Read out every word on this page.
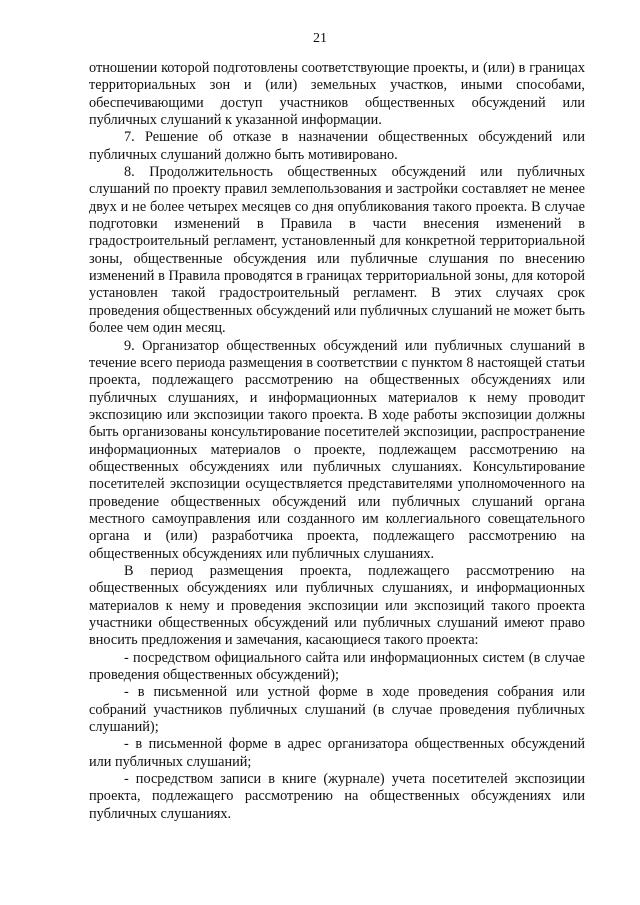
21

отношении которой подготовлены соответствующие проекты, и (или) в границах территориальных зон и (или) земельных участков, иными способами, обеспечивающими доступ участников общественных обсуждений или публичных слушаний к указанной информации.

7. Решение об отказе в назначении общественных обсуждений или публичных слушаний должно быть мотивировано.

8. Продолжительность общественных обсуждений или публичных слушаний по проекту правил землепользования и застройки составляет не менее двух и не более четырех месяцев со дня опубликования такого проекта. В случае подготовки изменений в Правила в части внесения изменений в градостроительный регламент, установленный для конкретной территориальной зоны, общественные обсуждения или публичные слушания по внесению изменений в Правила проводятся в границах территориальной зоны, для которой установлен такой градостроительный регламент. В этих случаях срок проведения общественных обсуждений или публичных слушаний не может быть более чем один месяц.

9. Организатор общественных обсуждений или публичных слушаний в течение всего периода размещения в соответствии с пунктом 8 настоящей статьи проекта, подлежащего рассмотрению на общественных обсуждениях или публичных слушаниях, и информационных материалов к нему проводит экспозицию или экспозиции такого проекта. В ходе работы экспозиции должны быть организованы консультирование посетителей экспозиции, распространение информационных материалов о проекте, подлежащем рассмотрению на общественных обсуждениях или публичных слушаниях. Консультирование посетителей экспозиции осуществляется представителями уполномоченного на проведение общественных обсуждений или публичных слушаний органа местного самоуправления или созданного им коллегиального совещательного органа и (или) разработчика проекта, подлежащего рассмотрению на общественных обсуждениях или публичных слушаниях.

В период размещения проекта, подлежащего рассмотрению на общественных обсуждениях или публичных слушаниях, и информационных материалов к нему и проведения экспозиции или экспозиций такого проекта участники общественных обсуждений или публичных слушаний имеют право вносить предложения и замечания, касающиеся такого проекта:

- посредством официального сайта или информационных систем (в случае проведения общественных обсуждений);

- в письменной или устной форме в ходе проведения собрания или собраний участников публичных слушаний (в случае проведения публичных слушаний);

- в письменной форме в адрес организатора общественных обсуждений или публичных слушаний;

- посредством записи в книге (журнале) учета посетителей экспозиции проекта, подлежащего рассмотрению на общественных обсуждениях или публичных слушаниях.
